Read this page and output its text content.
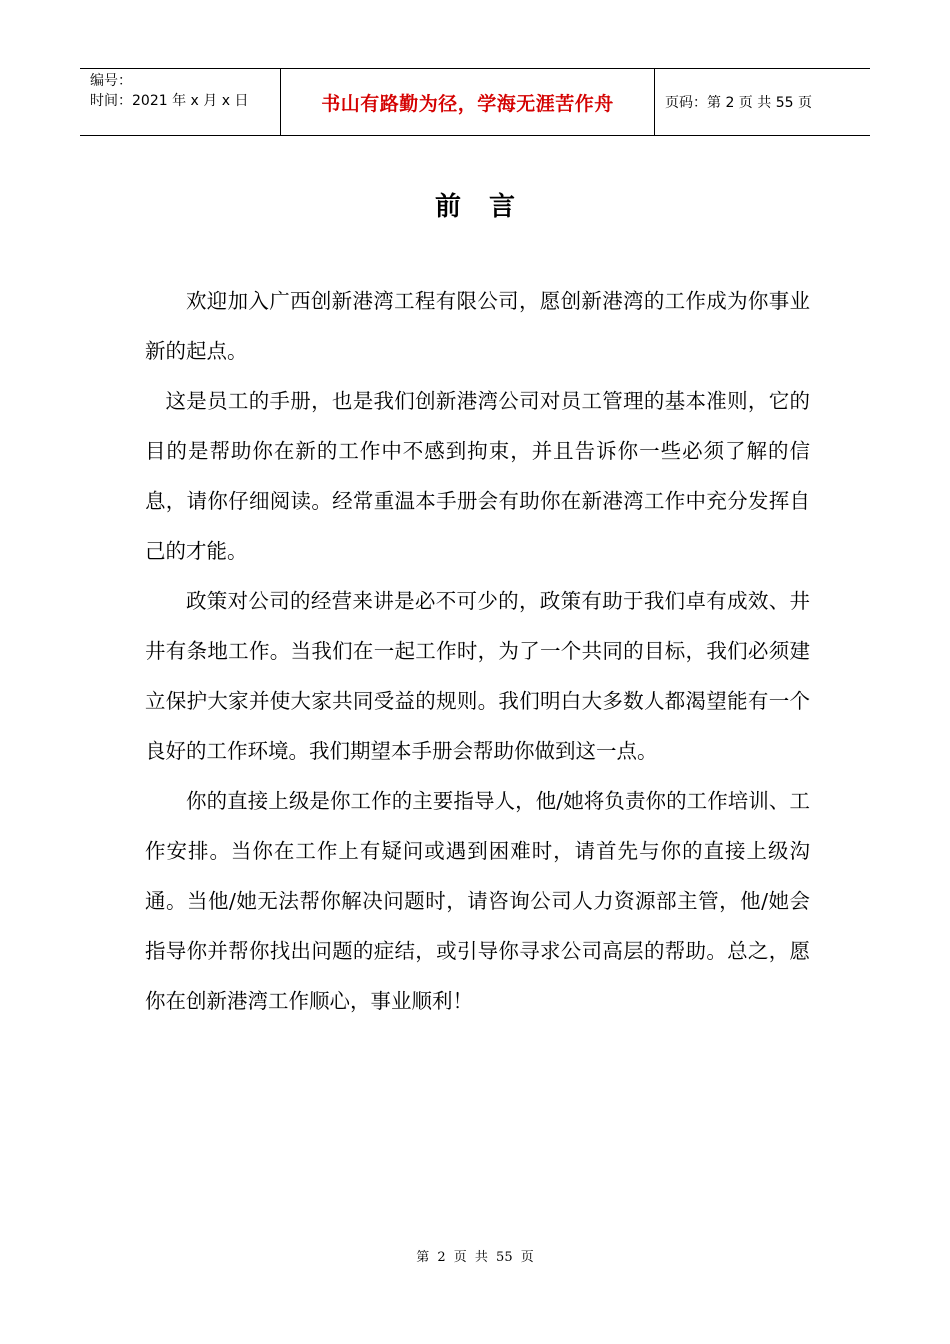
编号：
时间：2021 年 x 月 x 日	书山有路勤为径，学海无涯苦作舟	页码：第 2 页 共 55 页
前言

欢迎加入广西创新港湾工程有限公司，愿创新港湾的工作成为你事业新的起点。

这是员工的手册，也是我们创新港湾公司对员工管理的基本准则，它的目的是帮助你在新的工作中不感到拘束，并且告诉你一些必须了解的信息，请你仔细阅读。经常重温本手册会有助你在新港湾工作中充分发挥自己的才能。

政策对公司的经营来讲是必不可少的，政策有助于我们卓有成效、井井有条地工作。当我们在一起工作时，为了一个共同的目标，我们必须建立保护大家并使大家共同受益的规则。我们明白大多数人都渴望能有一个良好的工作环境。我们期望本手册会帮助你做到这一点。

你的直接上级是你工作的主要指导人，他/她将负责你的工作培训、工作安排。当你在工作上有疑问或遇到困难时，请首先与你的直接上级沟通。当他/她无法帮你解决问题时，请咨询公司人力资源部主管，他/她会指导你并帮你找出问题的症结，或引导你寻求公司高层的帮助。总之，愿你在创新港湾工作顺心，事业顺利！

第 2 页 共 55 页
